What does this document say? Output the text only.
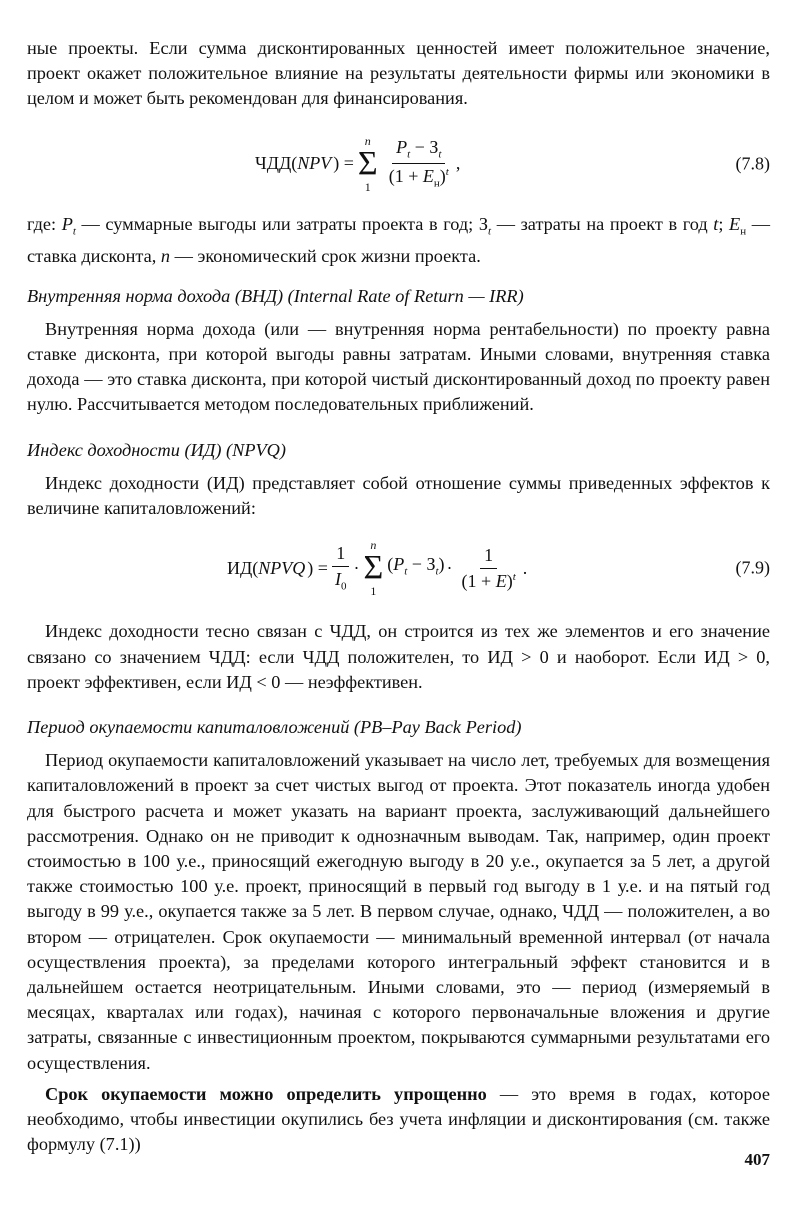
ные проекты. Если сумма дисконтированных ценностей имеет положительное значение, проект окажет положительное влияние на результаты деятельности фирмы или экономики в целом и может быть рекомендован для финансирования.

ЧДД( NPV ) =
n
Σ
$1 \frac{P_t - З_t}{(1 + E_н)^t}$ ,	(7.8)

где: $P_t$ — суммарные выгоды или затраты проекта в год; $З_t$ — затраты на проект в год t; $E_н$ — ставка дисконта, n — экономический срок жизни проекта.

Внутренняя норма дохода (ВНД) (Internal Rate of Return — IRR)

Внутренняя норма дохода (или — внутренняя норма рентабельности) по проекту равна ставке дисконта, при которой выгоды равны затратам. Иными словами, внутренняя ставка дохода — это ставка дисконта, при которой чистый дисконтированный доход по проекту равен нулю. Рассчитывается методом последовательных приближений.

Индекс доходности (ИД) (NPVQ)

Индекс доходности (ИД) представляет собой отношение суммы приведенных эффектов к величине капиталовложений:

ИД( NPVQ ) = $\frac{1}{I_0}$ ·
n
Σ
1
$(P_t - З_t) \cdot \frac{1}{(1 + E)^t}$ .	(7.9)

Индекс доходности тесно связан с ЧДД, он строится из тех же элементов и его значение связано со значением ЧДД: если ЧДД положителен, то ИД > 0 и наоборот. Если ИД > 0, проект эффективен, если ИД < 0 — неэффективен.

Период окупаемости капиталовложений (PB–Pay Back Period)

Период окупаемости капиталовложений указывает на число лет, требуемых для возмещения капиталовложений в проект за счет чистых выгод от проекта. Этот показатель иногда удобен для быстрого расчета и может указать на вариант проекта, заслуживающий дальнейшего рассмотрения. Однако он не приводит к однозначным выводам. Так, например, один проект стоимостью в 100 у.е., приносящий ежегодную выгоду в 20 у.е., окупается за 5 лет, а другой также стоимостью 100 у.е. проект, приносящий в первый год выгоду в 1 у.е. и на пятый год выгоду в 99 у.е., окупается также за 5 лет. В первом случае, однако, ЧДД — положителен, а во втором — отрицателен. Срок окупаемости — минимальный временной интервал (от начала осуществления проекта), за пределами которого интегральный эффект становится и в дальнейшем остается неотрицательным. Иными словами, это — период (измеряемый в месяцах, кварталах или годах), начиная с которого первоначальные вложения и другие затраты, связанные с инвестиционным проектом, покрываются суммарными результатами его осуществления.

Срок окупаемости можно определить упрощенно — это время в годах, которое необходимо, чтобы инвестиции окупились без учета инфляции и дисконтирования (см. также формулу (7.1))

407
